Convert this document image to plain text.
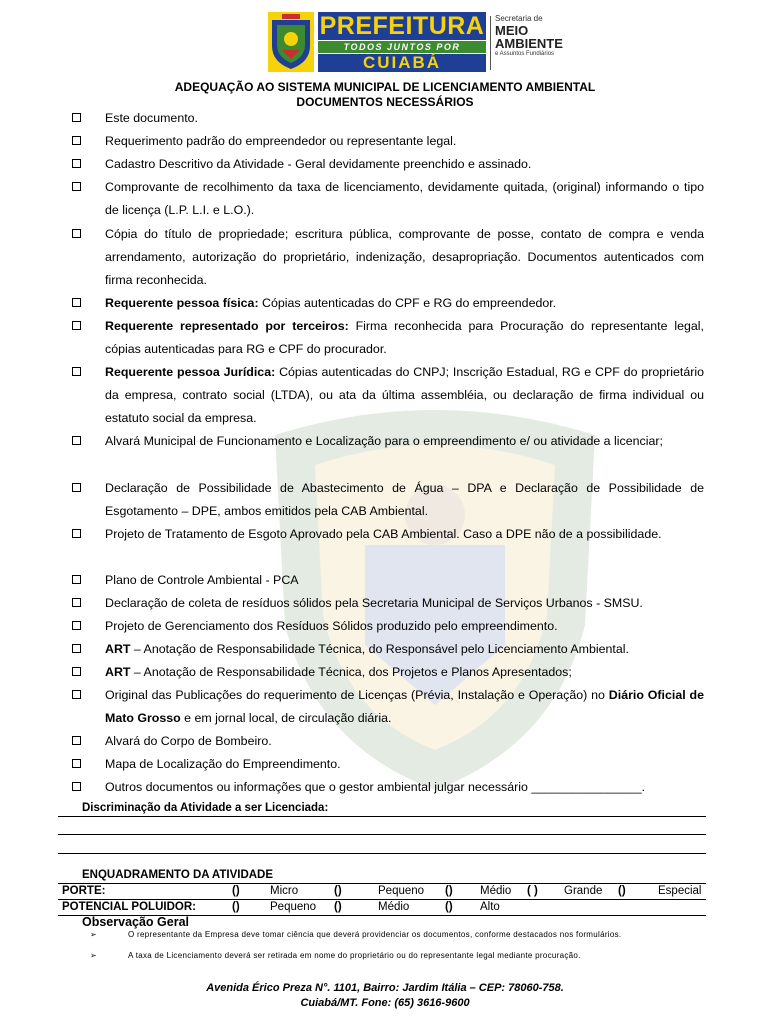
PREFEITURA
TODOS JUNTOS POR
CUIABÁ
Secretaria de
MEIO
AMBIENTE
e Assuntos Fundiários
ADEQUAÇÃO AO SISTEMA MUNICIPAL DE LICENCIAMENTO AMBIENTAL
DOCUMENTOS NECESSÁRIOS
Este documento.
Requerimento padrão do empreendedor ou representante legal.
Cadastro Descritivo da Atividade - Geral devidamente preenchido e assinado.
Comprovante de recolhimento da taxa de licenciamento, devidamente quitada, (original) informando o tipo de licença (L.P. L.I. e L.O.).
Cópia do título de propriedade; escritura pública, comprovante de posse, contato de compra e venda arrendamento, autorização do proprietário, indenização, desapropriação. Documentos autenticados com firma reconhecida.
Requerente pessoa física: Cópias autenticadas do CPF e RG do empreendedor.
Requerente representado por terceiros: Firma reconhecida para Procuração do representante legal, cópias autenticadas para RG e CPF do procurador.
Requerente pessoa Jurídica: Cópias autenticadas do CNPJ; Inscrição Estadual, RG e CPF do proprietário da empresa, contrato social (LTDA), ou ata da última assembléia, ou declaração de firma individual ou estatuto social da empresa.
Alvará Municipal de Funcionamento e Localização para o empreendimento e/ ou atividade a licenciar;
Declaração de Possibilidade de Abastecimento de Água – DPA e Declaração de Possibilidade de Esgotamento – DPE, ambos emitidos pela CAB Ambiental.
Projeto de Tratamento de Esgoto Aprovado pela CAB Ambiental. Caso a DPE não de a possibilidade.
Plano de Controle Ambiental - PCA
Declaração de coleta de resíduos sólidos pela Secretaria Municipal de Serviços Urbanos - SMSU.
Projeto de Gerenciamento dos Resíduos Sólidos produzido pelo empreendimento.
ART – Anotação de Responsabilidade Técnica, do Responsável pelo Licenciamento Ambiental.
ART – Anotação de Responsabilidade Técnica, dos Projetos e Planos Apresentados;
Original das Publicações do requerimento de Licenças (Prévia, Instalação e Operação) no Diário Oficial de Mato Grosso e em jornal local, de circulação diária.
Alvará do Corpo de Bombeiro.
Mapa de Localização do Empreendimento.
Outros documentos ou informações que o gestor ambiental julgar necessário ________________.
Discriminação da Atividade a ser Licenciada:
ENQUADRAMENTO DA ATIVIDADE
PORTE:	()	Micro	()	Pequeno () Médio ( ) Grande ()	Especial
POTENCIAL POLUIDOR:	()	Pequeno ()	Médio	() Alto
Observação Geral
➢	O representante da Empresa deve tomar ciência que deverá providenciar os documentos, conforme destacados nos formulários.
➢	A taxa de Licenciamento deverá ser retirada em nome do proprietário ou do representante legal mediante procuração.
Avenida Érico Preza N°. 1101, Bairro: Jardim Itália – CEP: 78060-758.
Cuiabá/MT. Fone: (65) 3616-9600
